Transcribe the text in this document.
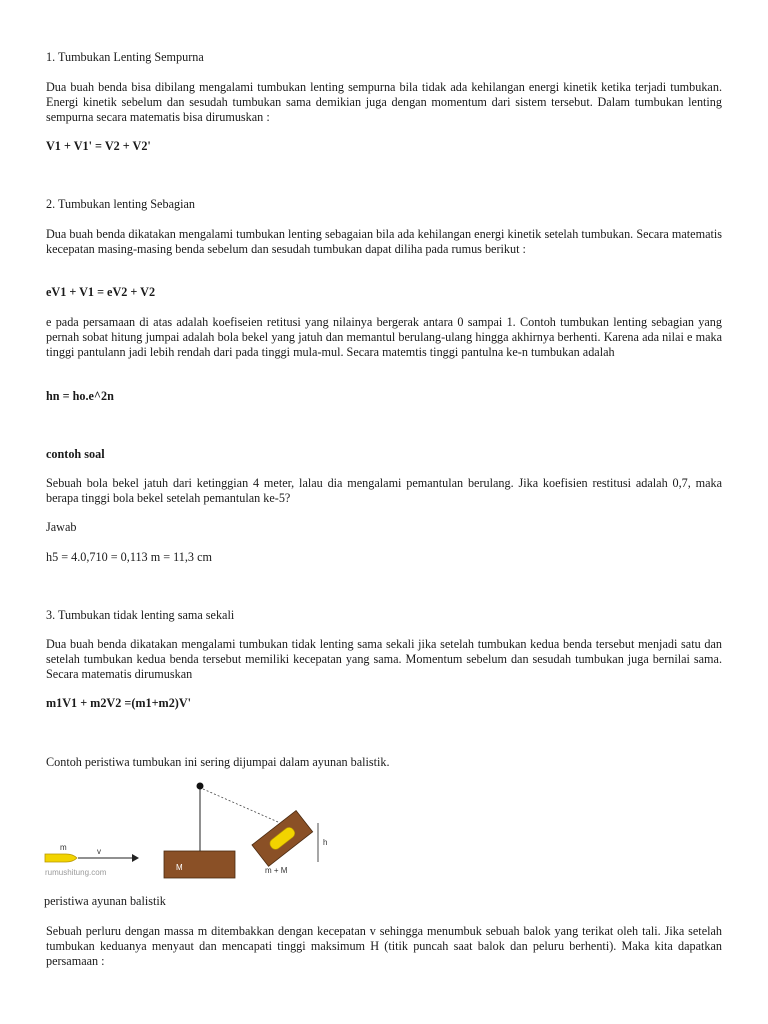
1. Tumbukan Lenting Sempurna

Dua buah benda bisa dibilang mengalami tumbukan lenting sempurna bila tidak ada kehilangan energi kinetik ketika terjadi tumbukan. Energi kinetik sebelum dan sesudah tumbukan sama demikian juga dengan momentum dari sistem tersebut. Dalam tumbukan lenting sempurna secara matematis bisa dirumuskan :

V1 + V1' = V2 + V2'

2. Tumbukan lenting Sebagian

Dua buah benda dikatakan mengalami tumbukan lenting sebagaian bila ada kehilangan energi kinetik setelah tumbukan. Secara matematis kecepatan masing-masing benda sebelum dan sesudah tumbukan dapat diliha pada rumus berikut :

eV1 + V1 = eV2 + V2

e pada persamaan di atas adalah koefiseien retitusi yang nilainya bergerak antara 0 sampai 1. Contoh tumbukan lenting sebagian yang pernah sobat hitung jumpai adalah bola bekel yang jatuh dan memantul berulang-ulang hingga akhirnya berhenti. Karena ada nilai e maka tinggi pantulann jadi lebih rendah dari pada tinggi mula-mul. Secara matemtis tinggi pantulna ke-n tumbukan adalah

hn = ho.e^2n

contoh soal

Sebuah bola bekel jatuh dari ketinggian 4 meter, lalau dia mengalami pemantulan berulang. Jika koefisien restitusi adalah 0,7, maka berapa tinggi bola bekel setelah pemantulan ke-5?

Jawab

h5 = 4.0,710 = 0,113 m = 11,3 cm

3. Tumbukan tidak lenting sama sekali

Dua buah benda dikatakan mengalami tumbukan tidak lenting sama sekali jika setelah tumbukan kedua benda tersebut menjadi satu dan setelah tumbukan kedua benda tersebut memiliki kecepatan yang sama. Momentum sebelum dan sesudah tumbukan juga bernilai sama. Secara matematis dirumuskan

m1V1 + m2V2 =(m1+m2)V'

Contoh peristiwa tumbukan ini sering dijumpai dalam ayunan balistik.

m	v
rumushitung.com
M	m + M
h

peristiwa ayunan balistik

Sebuah perluru dengan massa m ditembakkan dengan kecepatan v sehingga menumbuk sebuah balok yang terikat oleh tali. Jika setelah tumbukan keduanya menyaut dan mencapati tinggi maksimum H (titik puncah saat balok dan peluru berhenti). Maka kita dapatkan persamaan :
